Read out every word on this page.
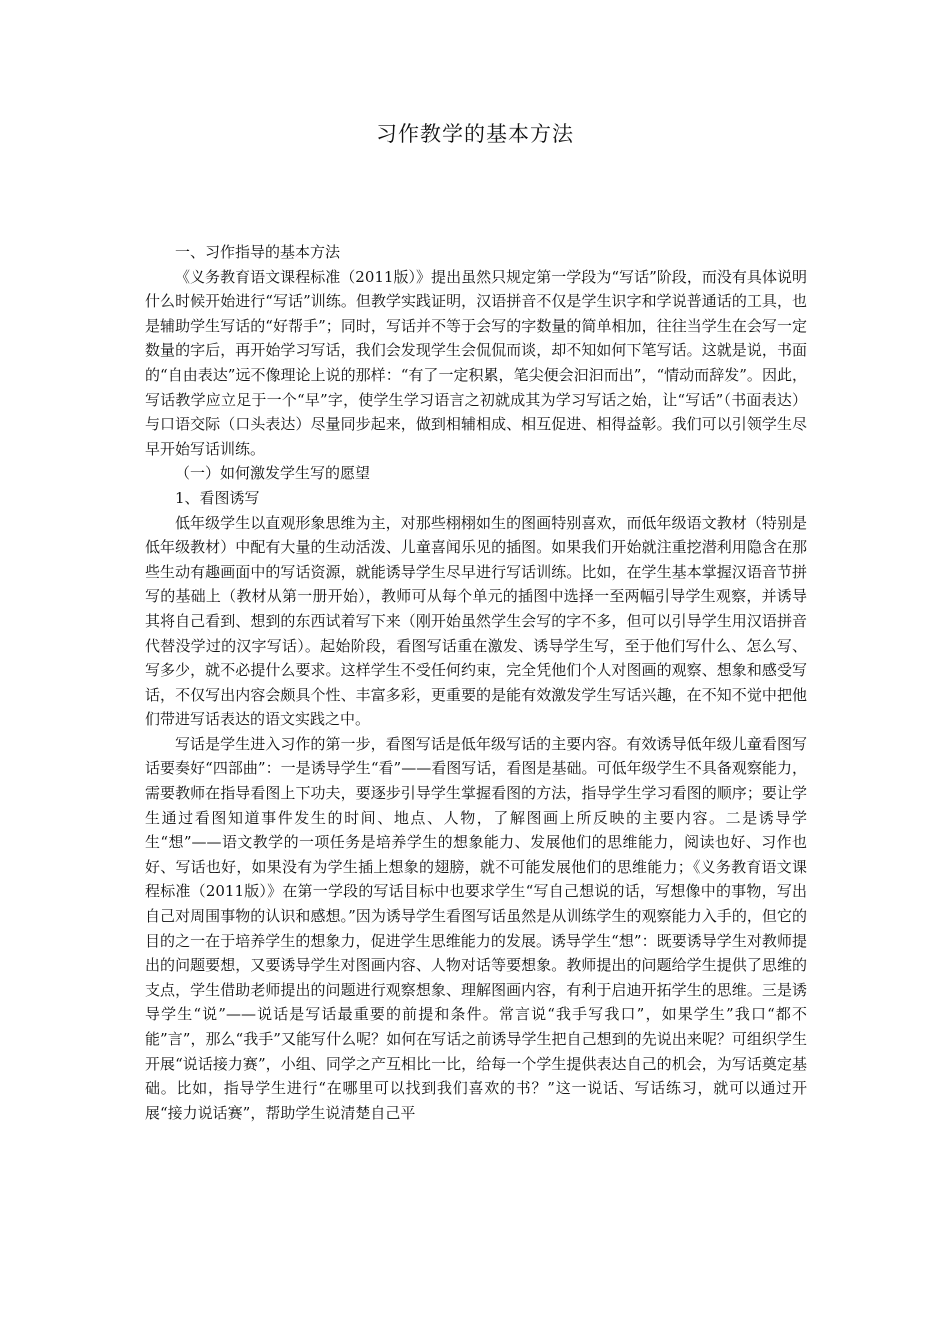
习作教学的基本方法

一、习作指导的基本方法

《义务教育语文课程标准（2011版）》提出虽然只规定第一学段为“写话”阶段，而没有具体说明什么时候开始进行“写话”训练。但教学实践证明，汉语拼音不仅是学生识字和学说普通话的工具，也是辅助学生写话的“好帮手”；同时，写话并不等于会写的字数量的简单相加，往往当学生在会写一定数量的字后，再开始学习写话，我们会发现学生会侃侃而谈，却不知如何下笔写话。这就是说，书面的“自由表达”远不像理论上说的那样：“有了一定积累，笔尖便会汩汩而出”，“情动而辞发”。因此，写话教学应立足于一个“早”字，使学生学习语言之初就成其为学习写话之始，让“写话”（书面表达）与口语交际（口头表达）尽量同步起来，做到相辅相成、相互促进、相得益彰。我们可以引领学生尽早开始写话训练。

（一）如何激发学生写的愿望

1、看图诱写

低年级学生以直观形象思维为主，对那些栩栩如生的图画特别喜欢，而低年级语文教材（特别是低年级教材）中配有大量的生动活泼、儿童喜闻乐见的插图。如果我们开始就注重挖潜利用隐含在那些生动有趣画面中的写话资源，就能诱导学生尽早进行写话训练。比如，在学生基本掌握汉语音节拼写的基础上（教材从第一册开始），教师可从每个单元的插图中选择一至两幅引导学生观察，并诱导其将自己看到、想到的东西试着写下来（刚开始虽然学生会写的字不多，但可以引导学生用汉语拼音代替没学过的汉字写话）。起始阶段，看图写话重在激发、诱导学生写，至于他们写什么、怎么写、写多少，就不必提什么要求。这样学生不受任何约束，完全凭他们个人对图画的观察、想象和感受写话，不仅写出内容会颇具个性、丰富多彩，更重要的是能有效激发学生写话兴趣，在不知不觉中把他们带进写话表达的语文实践之中。

写话是学生进入习作的第一步，看图写话是低年级写话的主要内容。有效诱导低年级儿童看图写话要奏好“四部曲”：一是诱导学生“看”——看图写话，看图是基础。可低年级学生不具备观察能力，需要教师在指导看图上下功夫，要逐步引导学生掌握看图的方法，指导学生学习看图的顺序；要让学生通过看图知道事件发生的时间、地点、人物，了解图画上所反映的主要内容。二是诱导学生“想”——语文教学的一项任务是培养学生的想象能力、发展他们的思维能力，阅读也好、习作也好、写话也好，如果没有为学生插上想象的翅膀，就不可能发展他们的思维能力；《义务教育语文课程标准（2011版）》在第一学段的写话目标中也要求学生“写自己想说的话，写想像中的事物，写出自己对周围事物的认识和感想。”因为诱导学生看图写话虽然是从训练学生的观察能力入手的，但它的目的之一在于培养学生的想象力，促进学生思维能力的发展。诱导学生“想”：既要诱导学生对教师提出的问题要想，又要诱导学生对图画内容、人物对话等要想象。教师提出的问题给学生提供了思维的支点，学生借助老师提出的问题进行观察想象、理解图画内容，有利于启迪开拓学生的思维。三是诱导学生“说”——说话是写话最重要的前提和条件。常言说“我手写我口”，如果学生”我口“都不能”言”，那么“我手”又能写什么呢？如何在写话之前诱导学生把自己想到的先说出来呢？可组织学生开展“说话接力赛”，小组、同学之产互相比一比，给每一个学生提供表达自己的机会，为写话奠定基础。比如，指导学生进行“在哪里可以找到我们喜欢的书？”这一说话、写话练习，就可以通过开展“接力说话赛”，帮助学生说清楚自己平
